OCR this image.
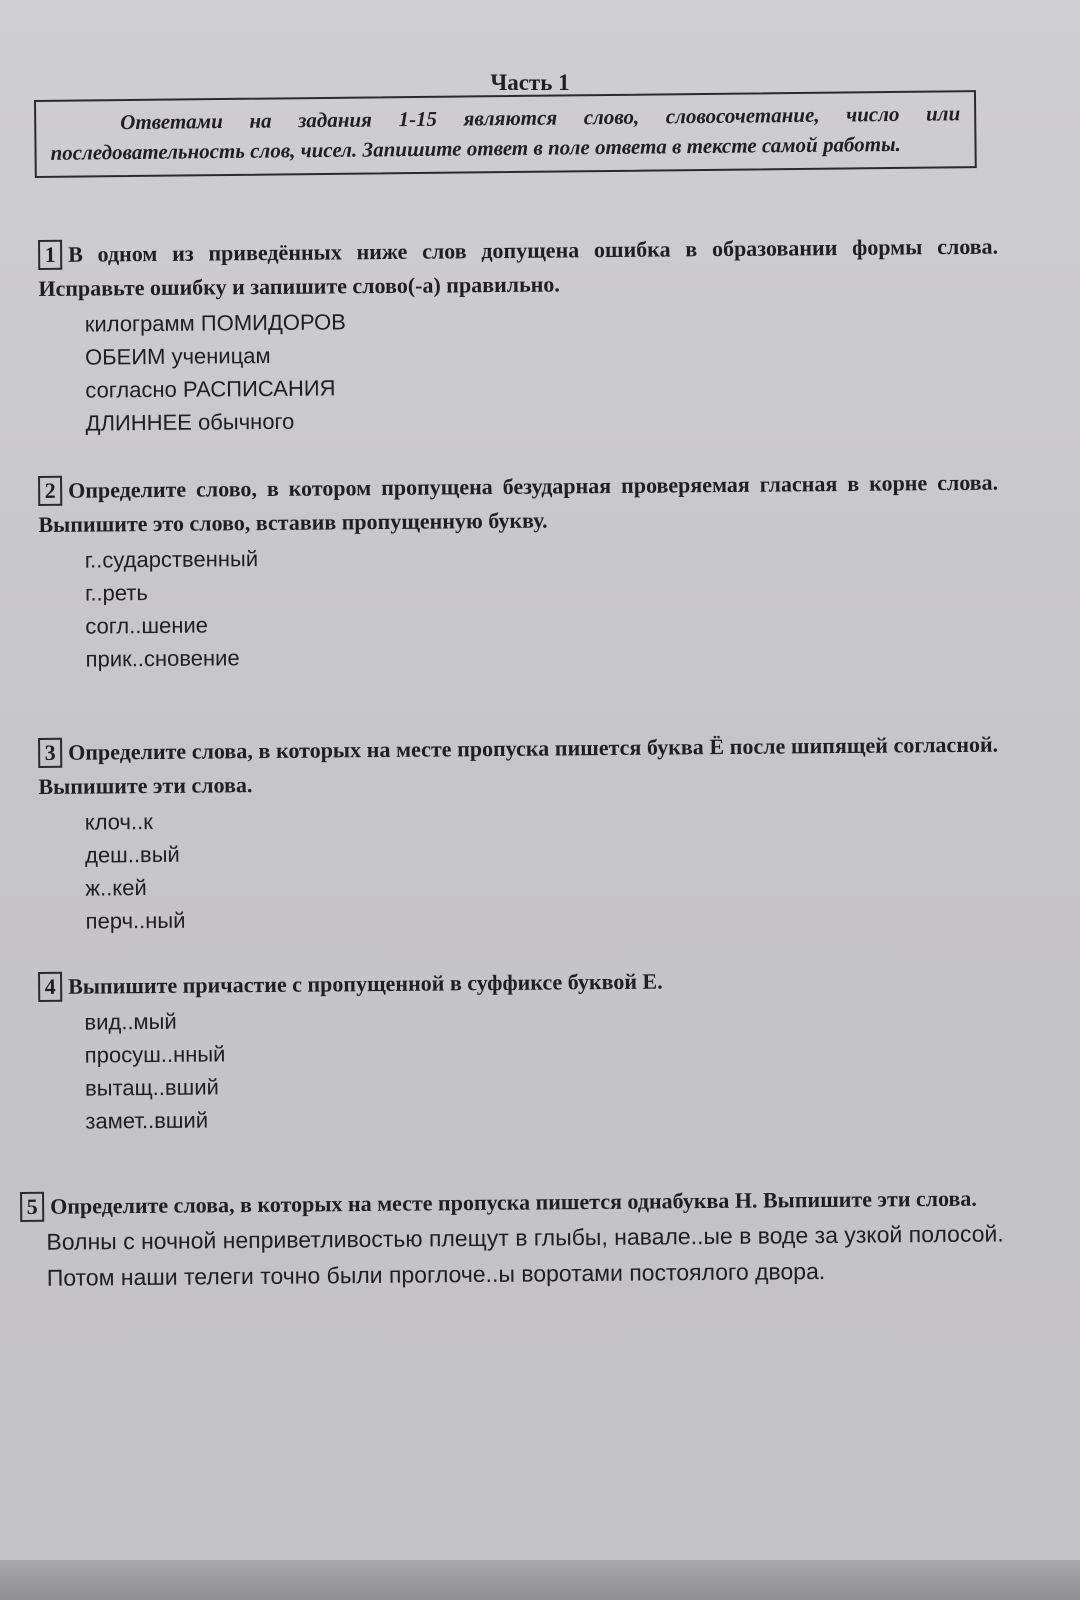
Часть 1
Ответами на задания 1-15 являются слово, словосочетание, число или последовательность слов, чисел. Запишите ответ в поле ответа в тексте самой работы.

1 В одном из приведённых ниже слов допущена ошибка в образовании формы слова. Исправьте ошибку и запишите слово(-а) правильно.

килограмм ПОМИДОРОВ
ОБЕИМ ученицам
согласно РАСПИСАНИЯ
ДЛИННЕЕ обычного

2 Определите слово, в котором пропущена безударная проверяемая гласная в корне слова. Выпишите это слово, вставив пропущенную букву.

г..сударственный
г..реть
согл..шение
прик..сновение

3 Определите слова, в которых на месте пропуска пишется буква Ё после шипящей согласной. Выпишите эти слова.

клоч..к
деш..вый
ж..кей
перч..ный

4 Выпишите причастие с пропущенной в суффиксе буквой Е.

вид..мый
просуш..нный
вытащ..вший
замет..вший

5 Определите слова, в которых на месте пропуска пишется однабуква Н. Выпишите эти слова.

Волны с ночной неприветливостью плещут в глыбы, навале..ые в воде за узкой полосой.

Потом наши телеги точно были проглоче..ы воротами постоялого двора.
